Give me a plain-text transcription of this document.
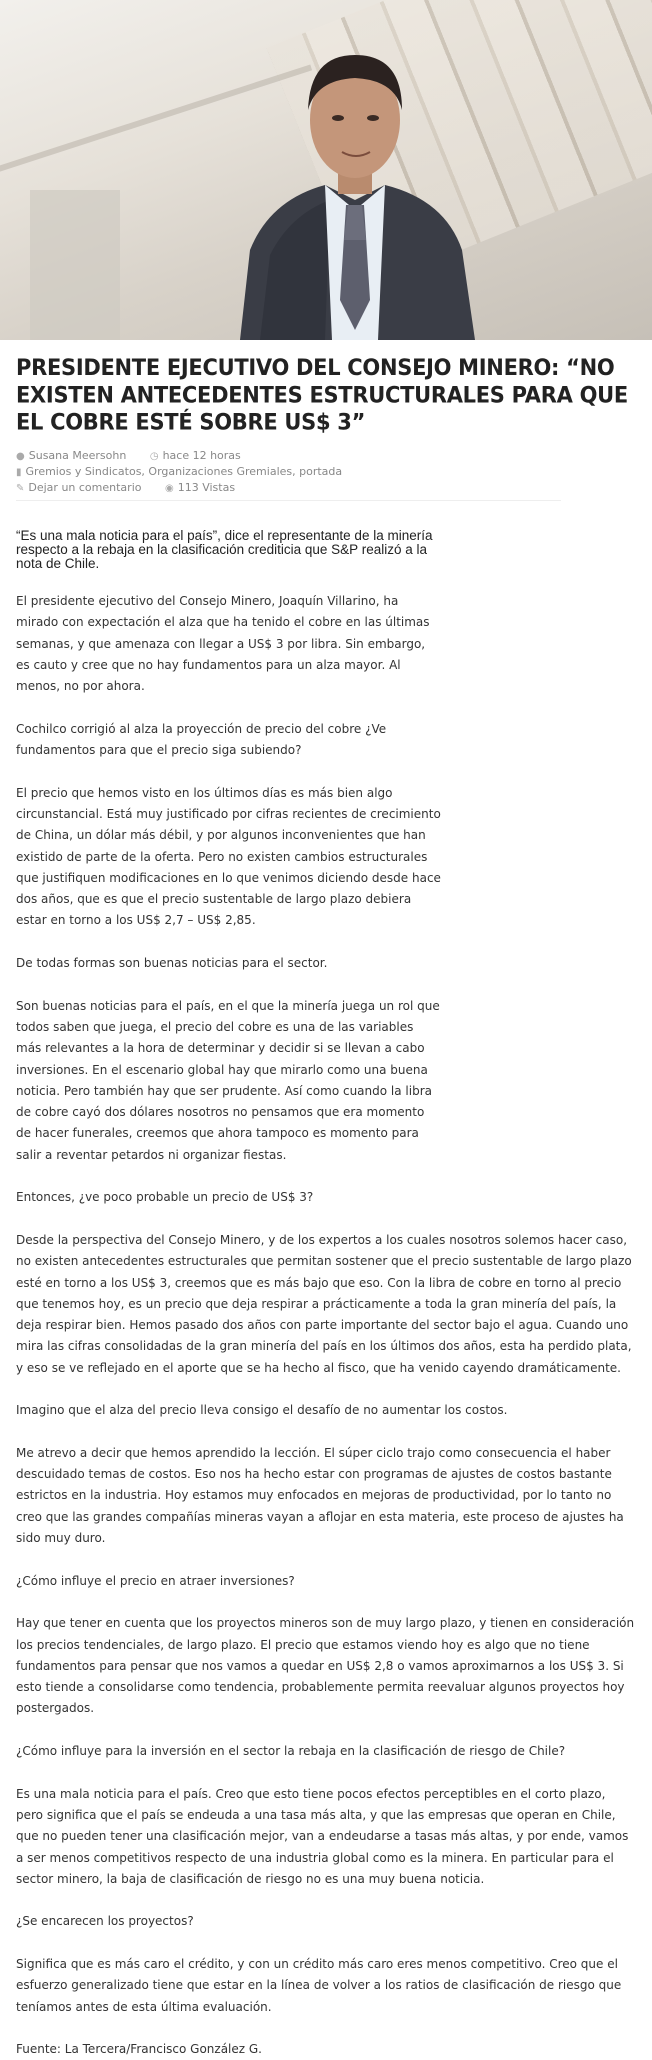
PRESIDENTE EJECUTIVO DEL CONSEJO MINERO: “NO EXISTEN ANTECEDENTES ESTRUCTURALES PARA QUE EL COBRE ESTÉ SOBRE US$ 3”
● Susana Meersohn ◷ hace 12 horas ▮ Gremios y Sindicatos, Organizaciones Gremiales, portada
✎ Dejar un comentario ◉ 113 Vistas
“Es una mala noticia para el país”, dice el representante de la minería respecto a la rebaja en la clasificación crediticia que S&P realizó a la nota de Chile.

El presidente ejecutivo del Consejo Minero, Joaquín Villarino, ha mirado con expectación el alza que ha tenido el cobre en las últimas semanas, y que amenaza con llegar a US$ 3 por libra. Sin embargo, es cauto y cree que no hay fundamentos para un alza mayor. Al menos, no por ahora.

Cochilco corrigió al alza la proyección de precio del cobre ¿Ve fundamentos para que el precio siga subiendo?

El precio que hemos visto en los últimos días es más bien algo circunstancial. Está muy justificado por cifras recientes de crecimiento de China, un dólar más débil, y por algunos inconvenientes que han existido de parte de la oferta. Pero no existen cambios estructurales que justifiquen modificaciones en lo que venimos diciendo desde hace dos años, que es que el precio sustentable de largo plazo debiera estar en torno a los US$ 2,7 – US$ 2,85.

De todas formas son buenas noticias para el sector.

Son buenas noticias para el país, en el que la minería juega un rol que todos saben que juega, el precio del cobre es una de las variables más relevantes a la hora de determinar y decidir si se llevan a cabo inversiones. En el escenario global hay que mirarlo como una buena noticia. Pero también hay que ser prudente. Así como cuando la libra de cobre cayó dos dólares nosotros no pensamos que era momento de hacer funerales, creemos que ahora tampoco es momento para salir a reventar petardos ni organizar fiestas.

Entonces, ¿ve poco probable un precio de US$ 3?

Desde la perspectiva del Consejo Minero, y de los expertos a los cuales nosotros solemos hacer caso, no existen antecedentes estructurales que permitan sostener que el precio sustentable de largo plazo esté en torno a los US$ 3, creemos que es más bajo que eso. Con la libra de cobre en torno al precio que tenemos hoy, es un precio que deja respirar a prácticamente a toda la gran minería del país, la deja respirar bien. Hemos pasado dos años con parte importante del sector bajo el agua. Cuando uno mira las cifras consolidadas de la gran minería del país en los últimos dos años, esta ha perdido plata, y eso se ve reflejado en el aporte que se ha hecho al fisco, que ha venido cayendo dramáticamente.

Imagino que el alza del precio lleva consigo el desafío de no aumentar los costos.

Me atrevo a decir que hemos aprendido la lección. El súper ciclo trajo como consecuencia el haber descuidado temas de costos. Eso nos ha hecho estar con programas de ajustes de costos bastante estrictos en la industria. Hoy estamos muy enfocados en mejoras de productividad, por lo tanto no creo que las grandes compañías mineras vayan a aflojar en esta materia, este proceso de ajustes ha sido muy duro.

¿Cómo influye el precio en atraer inversiones?

Hay que tener en cuenta que los proyectos mineros son de muy largo plazo, y tienen en consideración los precios tendenciales, de largo plazo. El precio que estamos viendo hoy es algo que no tiene fundamentos para pensar que nos vamos a quedar en US$ 2,8 o vamos aproximarnos a los US$ 3. Si esto tiende a consolidarse como tendencia, probablemente permita reevaluar algunos proyectos hoy postergados.

¿Cómo influye para la inversión en el sector la rebaja en la clasificación de riesgo de Chile?

Es una mala noticia para el país. Creo que esto tiene pocos efectos perceptibles en el corto plazo, pero significa que el país se endeuda a una tasa más alta, y que las empresas que operan en Chile, que no pueden tener una clasificación mejor, van a endeudarse a tasas más altas, y por ende, vamos a ser menos competitivos respecto de una industria global como es la minera. En particular para el sector minero, la baja de clasificación de riesgo no es una muy buena noticia.

¿Se encarecen los proyectos?

Significa que es más caro el crédito, y con un crédito más caro eres menos competitivo. Creo que el esfuerzo generalizado tiene que estar en la línea de volver a los ratios de clasificación de riesgo que teníamos antes de esta última evaluación.

Fuente: La Tercera/Francisco González G.
